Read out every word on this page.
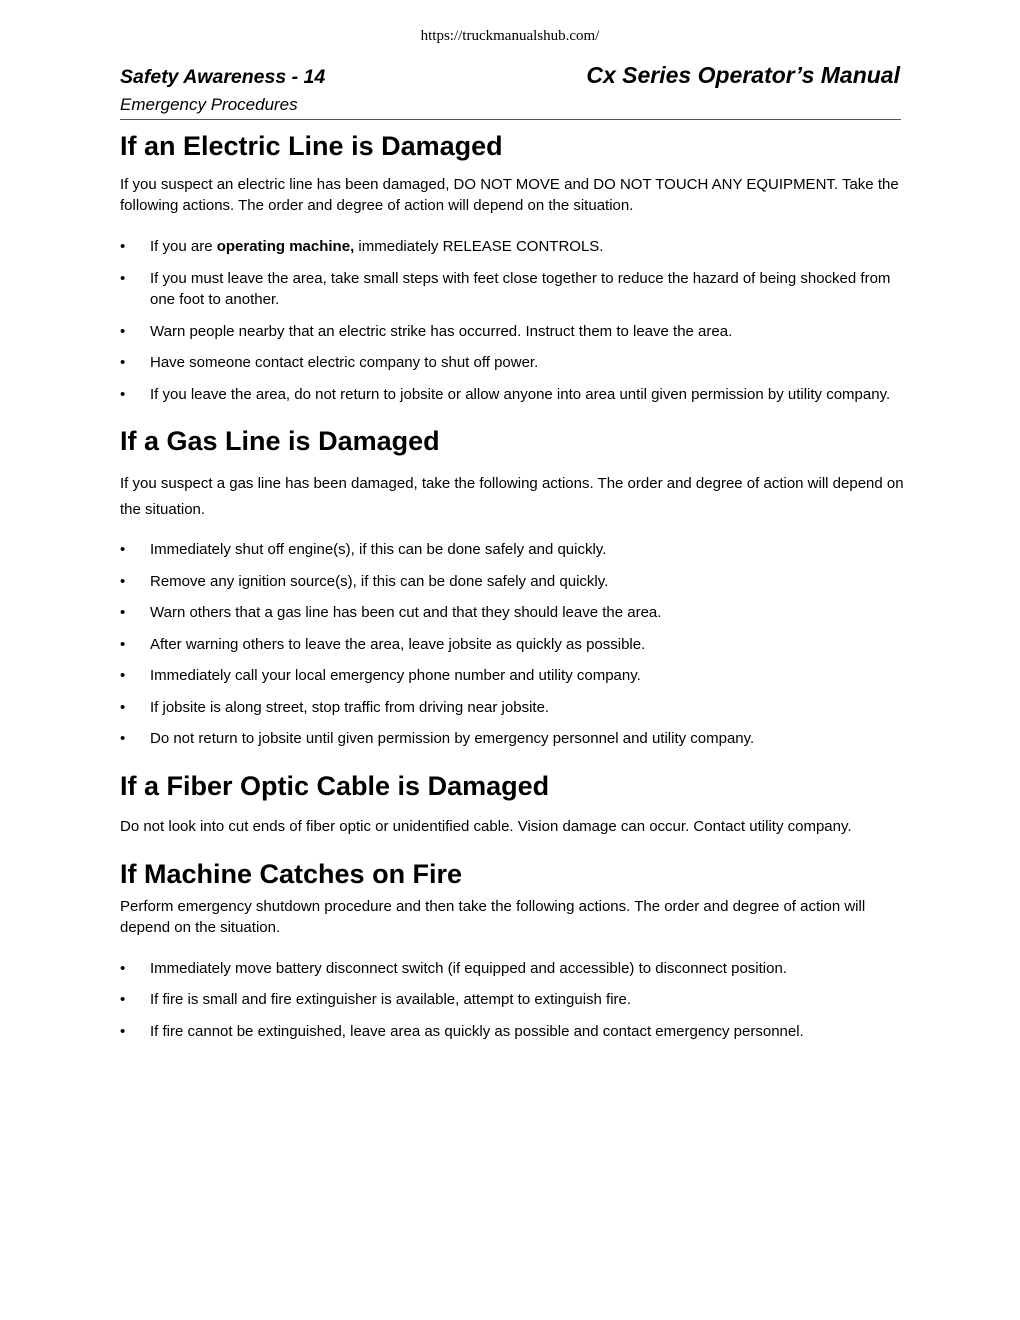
https://truckmanualshub.com/
Safety Awareness - 14	Cx Series Operator’s Manual
Emergency Procedures
If an Electric Line is Damaged

If you suspect an electric line has been damaged, DO NOT MOVE and DO NOT TOUCH ANY EQUIPMENT. Take the following actions. The order and degree of action will depend on the situation.

• If you are operating machine, immediately RELEASE CONTROLS.
• If you must leave the area, take small steps with feet close together to reduce the hazard of being shocked from one foot to another.
• Warn people nearby that an electric strike has occurred. Instruct them to leave the area.
• Have someone contact electric company to shut off power.
• If you leave the area, do not return to jobsite or allow anyone into area until given permission by utility company.
If a Gas Line is Damaged

If you suspect a gas line has been damaged, take the following actions. The order and degree of action will depend on the situation.

• Immediately shut off engine(s), if this can be done safely and quickly.
• Remove any ignition source(s), if this can be done safely and quickly.
• Warn others that a gas line has been cut and that they should leave the area.
• After warning others to leave the area, leave jobsite as quickly as possible.
• Immediately call your local emergency phone number and utility company.
• If jobsite is along street, stop traffic from driving near jobsite.
• Do not return to jobsite until given permission by emergency personnel and utility company.
If a Fiber Optic Cable is Damaged

Do not look into cut ends of fiber optic or unidentified cable. Vision damage can occur. Contact utility company.

If Machine Catches on Fire

Perform emergency shutdown procedure and then take the following actions. The order and degree of action will depend on the situation.

• Immediately move battery disconnect switch (if equipped and accessible) to disconnect position.
• If fire is small and fire extinguisher is available, attempt to extinguish fire.
• If fire cannot be extinguished, leave area as quickly as possible and contact emergency personnel.
